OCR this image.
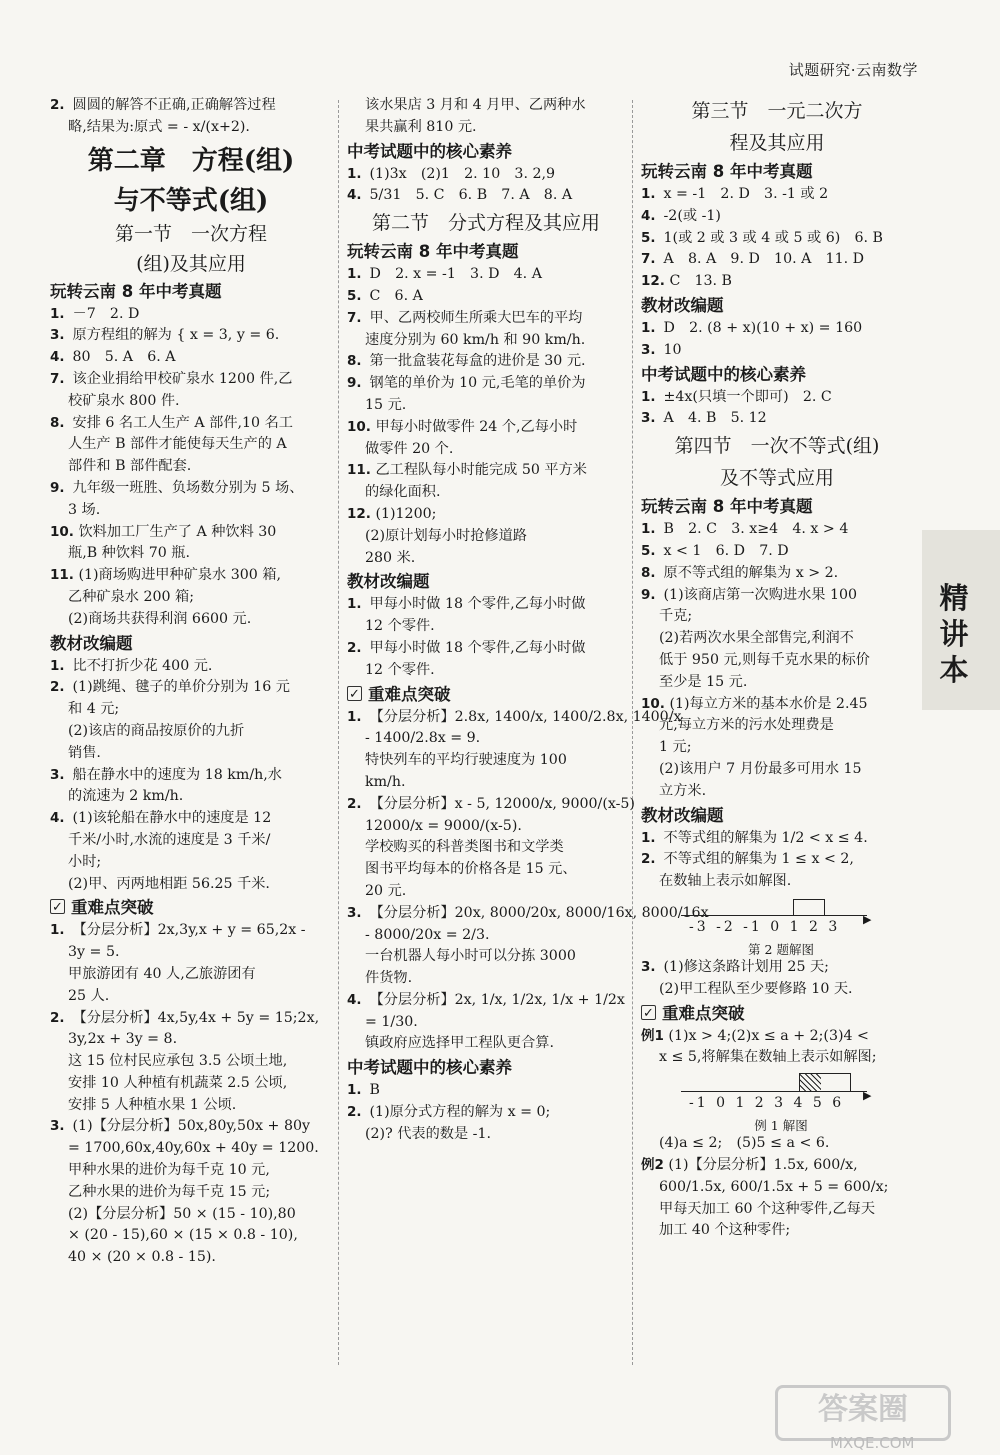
试题研究·云南数学
2. 圆圆的解答不正确,正确解答过程
略,结果为:原式 = - x/(x+2).
第二章　方程(组)
与不等式(组)
第一节　一次方程
(组)及其应用
玩转云南 8 年中考真题
1. －7　2. D
3. 原方程组的解为 { x = 3, y = 6.
4. 80　5. A　6. A
7. 该企业捐给甲校矿泉水 1200 件,乙
校矿泉水 800 件.
8. 安排 6 名工人生产 A 部件,10 名工
人生产 B 部件才能使每天生产的 A
部件和 B 部件配套.
9. 九年级一班胜、负场数分别为 5 场、
3 场.
10. 饮料加工厂生产了 A 种饮料 30
瓶,B 种饮料 70 瓶.
11. (1)商场购进甲种矿泉水 300 箱,
乙种矿泉水 200 箱;
(2)商场共获得利润 6600 元.
教材改编题
1. 比不打折少花 400 元.
2. (1)跳绳、毽子的单价分别为 16 元
和 4 元;
(2)该店的商品按原价的九折
销售.
3. 船在静水中的速度为 18 km/h,水
的流速为 2 km/h.
4. (1)该轮船在静水中的速度是 12
千米/小时,水流的速度是 3 千米/
小时;
(2)甲、丙两地相距 56.25 千米.
✓重难点突破
1. 【分层分析】2x,3y,x + y = 65,2x -
3y = 5.
甲旅游团有 40 人,乙旅游团有
25 人.
2. 【分层分析】4x,5y,4x + 5y = 15;2x,
3y,2x + 3y = 8.
这 15 位村民应承包 3.5 公顷土地,
安排 10 人种植有机蔬菜 2.5 公顷,
安排 5 人种植水果 1 公顷.
3. (1)【分层分析】50x,80y,50x + 80y
= 1700,60x,40y,60x + 40y = 1200.
甲种水果的进价为每千克 10 元,
乙种水果的进价为每千克 15 元;
(2)【分层分析】50 × (15 - 10),80
× (20 - 15),60 × (15 × 0.8 - 10),
40 × (20 × 0.8 - 15).
该水果店 3 月和 4 月甲、乙两种水
果共赢利 810 元.
中考试题中的核心素养
1. (1)3x　(2)1　2. 10　3. 2,9
4. 5/31　5. C　6. B　7. A　8. A
第二节　分式方程及其应用
玩转云南 8 年中考真题
1. D　2. x = -1　3. D　4. A
5. C　6. A
7. 甲、乙两校师生所乘大巴车的平均
速度分别为 60 km/h 和 90 km/h.
8. 第一批盒装花每盒的进价是 30 元.
9. 钢笔的单价为 10 元,毛笔的单价为
15 元.
10. 甲每小时做零件 24 个,乙每小时
做零件 20 个.
11. 乙工程队每小时能完成 50 平方米
的绿化面积.
12. (1)1200;
(2)原计划每小时抢修道路
280 米.
教材改编题
1. 甲每小时做 18 个零件,乙每小时做
12 个零件.
2. 甲每小时做 18 个零件,乙每小时做
12 个零件.
✓重难点突破
1. 【分层分析】2.8x, 1400/x, 1400/2.8x, 1400/x
- 1400/2.8x = 9.
特快列车的平均行驶速度为 100
km/h.
2. 【分层分析】x - 5, 12000/x, 9000/(x-5)
12000/x = 9000/(x-5).
学校购买的科普类图书和文学类
图书平均每本的价格各是 15 元、
20 元.
3. 【分层分析】20x, 8000/20x, 8000/16x, 8000/16x
- 8000/20x = 2/3.
一台机器人每小时可以分拣 3000
件货物.
4. 【分层分析】2x, 1/x, 1/2x, 1/x + 1/2x
= 1/30.
镇政府应选择甲工程队更合算.
中考试题中的核心素养
1. B
2. (1)原分式方程的解为 x = 0;
(2)? 代表的数是 -1.
第三节　一元二次方
程及其应用
玩转云南 8 年中考真题
1. x = -1　2. D　3. -1 或 2
4. -2(或 -1)
5. 1(或 2 或 3 或 4 或 5 或 6)　6. B
7. A　8. A　9. D　10. A　11. D
12. C　13. B
教材改编题
1. D　2. (8 + x)(10 + x) = 160
3. 10
中考试题中的核心素养
1. ±4x(只填一个即可)　2. C
3. A　4. B　5. 12
第四节　一次不等式(组)
及不等式应用
玩转云南 8 年中考真题
1. B　2. C　3. x≥4　4. x > 4
5. x < 1　6. D　7. D
8. 原不等式组的解集为 x > 2.
9. (1)该商店第一次购进水果 100
千克;
(2)若两次水果全部售完,利润不
低于 950 元,则每千克水果的标价
至少是 15 元.
10. (1)每立方米的基本水价是 2.45
元,每立方米的污水处理费是
1 元;
(2)该用户 7 月份最多可用水 15
立方米.
教材改编题
1. 不等式组的解集为 1/2 < x ≤ 4.
2. 不等式组的解集为 1 ≤ x < 2,
在数轴上表示如解图.
▶
-3 -2 -1 0 1 2 3
第 2 题解图
3. (1)修这条路计划用 25 天;
(2)甲工程队至少要修路 10 天.
✓重难点突破
例1 (1)x > 4;(2)x ≤ a + 2;(3)4 <
x ≤ 5,将解集在数轴上表示如解图;
▶
-1 0 1 2 3 4 5 6
例 1 解图
(4)a ≤ 2;　(5)5 ≤ a < 6.
例2 (1)【分层分析】1.5x, 600/x,
600/1.5x, 600/1.5x + 5 = 600/x;
甲每天加工 60 个这种零件,乙每天
加工 40 个这种零件;
精讲本
答案圈
MXQE.COM
